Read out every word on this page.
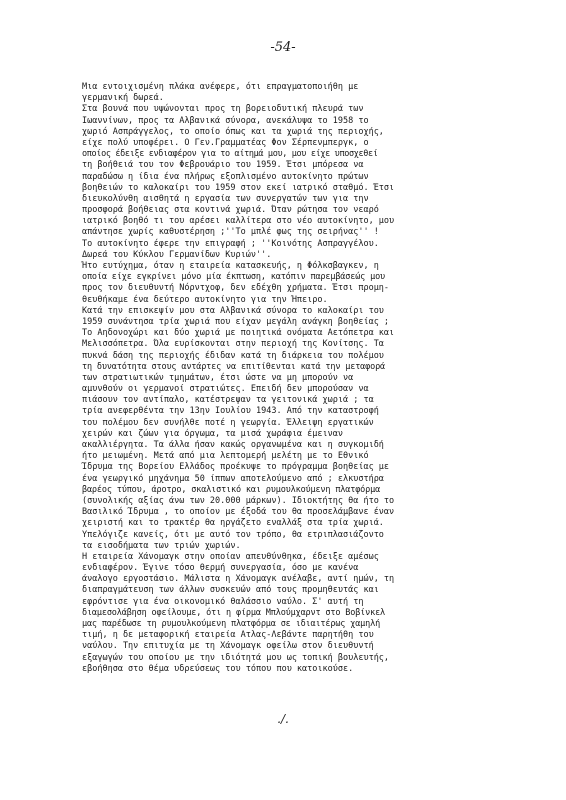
-54-
Μια εντοιχισμένη πλάκα ανέφερε, ότι επραγματοποιήθη με
γερμανική δωρεά.
Στα βουνά που υψώνονται προς τη βορειοδυτική πλευρά των
Ιωαννίνων, προς τα Αλβανικά σύνορα, ανεκάλυψα το 1958 το
χωριό Ασπράγγελος, το οποίο όπως και τα χωριά της περιοχής,
είχε πολύ υποφέρει. Ο Γεν.Γραμματέας Φον Σέρπενμπεργκ, ο
οποίος έδειξε ενδιαφέρον για το αίτημά μου, μου είχε υποσχεθεί
τη βοήθειά του τον Φεβρουάριο του 1959. Έτσι μπόρεσα να
παραδώσω η ίδια ένα πλήρως εξοπλισμένο αυτοκίνητο πρώτων
βοηθειών το καλοκαίρι του 1959 στον εκεί ιατρικό σταθμό. Έτσι
διευκολύνθη αισθητά η εργασία των συνεργατών των για την
προσφορά βοήθειας στα κοντινά χωριά. Όταν ρώτησα τον νεαρό
ιατρικό βοηθό τι του αρέσει καλλίτερα στο νέο αυτοκίνητο, μου
απάντησε χωρίς καθυστέρηση ;''Το μπλέ φως της σειρήνας'' !
Το αυτοκίνητο έφερε την επιγραφή ; ''Κοινότης Ασπραγγέλου.
Δωρεά του Κύκλου Γερμανίδων Κυριών''.
Ήτο ευτύχημα, όταν η εταιρεία κατασκευής, η Φόλκσβαγκεν, η
οποία είχε εγκρίνει μόνο μία έκπτωση, κατόπιν παρεμβάσεώς μου
προς τον διευθυντή Νόρντχοφ, δεν εδέχθη χρήματα. Έτσι προμη-
θευθήκαμε ένα δεύτερο αυτοκίνητο για την Ήπειρο.
Κατά την επισκεψίν μου στα Αλβανικά σύνορα το καλοκαίρι του
1959 συνάντησα τρία χωριά που είχαν μεγάλη ανάγκη βοηθείας ;
Το Αηδονοχώρι και δύο χωριά με ποιητικά ονόματα Αετόπετρα και
Μελισσόπετρα. Όλα ευρίσκονται στην περιοχή της Κονίτσης. Τα
πυκνά δάση της περιοχής έδιδαν κατά τη διάρκεια του πολέμου
τη δυνατότητα στους αντάρτες να επιτίθενται κατά την μεταφορά
των στρατιωτικών τμημάτων, έτσι ώστε να μη μπορούν να
αμυνθούν οι γερμανοί στρατιώτες. Επειδή δεν μπορούσαν να
πιάσουν τον αντίπαλο, κατέστρεψαν τα γειτονικά χωριά ; τα
τρία ανεφερθέντα την 13ην Ιουλίου 1943. Από την καταστροφή
του πολέμου δεν συνήλθε ποτέ η γεωργία. Έλλειψη εργατικών
χειρών και ζώων για όργωμα, τα μισά χωράφια έμειναν
ακαλλιέργητα. Τα άλλα ήσαν κακώς οργανωμένα και η συγκομιδή
ήτο μειωμένη. Μετά από μια λεπτομερή μελέτη με το Εθνικό
Ίδρυμα της Βορείου Ελλάδος προέκυψε το πρόγραμμα βοηθείας με
ένα γεωργικό μηχάνημα 50 ίππων αποτελούμενο από ; ελκυστήρα
βαρέος τύπου, άροτρο, σκαλιστικό και ρυμουλκούμενη πλατφόρμα
(συνολικής αξίας άνω των 20.000 μάρκων). Ιδιοκτήτης θα ήτο το
Βασιλικό Ίδρυμα , το οποίον με έξοδά του θα προσελάμβανε έναν
χειριστή και το τρακτέρ θα ηργάζετο εναλλάξ στα τρία χωριά.
Υπελόγιζε κανείς, ότι με αυτό τον τρόπο, θα ετριπλασιάζοντο
τα εισοδήματα των τριών χωριών.
Η εταιρεία Χάνομαγκ στην οποίαν απευθύνθηκα, έδειξε αμέσως
ενδιαφέρον. Έγινε τόσο θερμή συνεργασία, όσο με κανένα
άναλογο εργοστάσιο. Μάλιστα η Χάνομαγκ ανέλαβε, αντί ημών, τη
διαπραγμάτευση των άλλων συσκευών από τους προμηθευτάς και
εφρόντισε για ένα οικονομικό θαλάσσιο ναύλο. Σ' αυτή τη
διαμεσολάβηση οφείλουμε, ότι η φίρμα Μπλούμχαρντ στο Βοβίνκελ
μας παρέδωσε τη ρυμουλκούμενη πλατφόρμα σε ιδιαιτέρως χαμηλή
τιμή, η δε μεταφορική εταιρεία Ατλας-Λεβάντε παρητήθη του
ναύλου. Την επιτυχία με τη Χάνομαγκ οφείλω στον διευθυντή
εξαγωγών του οποίου με την ιδιότητά μου ως τοπική βουλευτής,
εβοήθησα στο θέμα υδρεύσεως του τόπου που κατοικούσε.
./.
